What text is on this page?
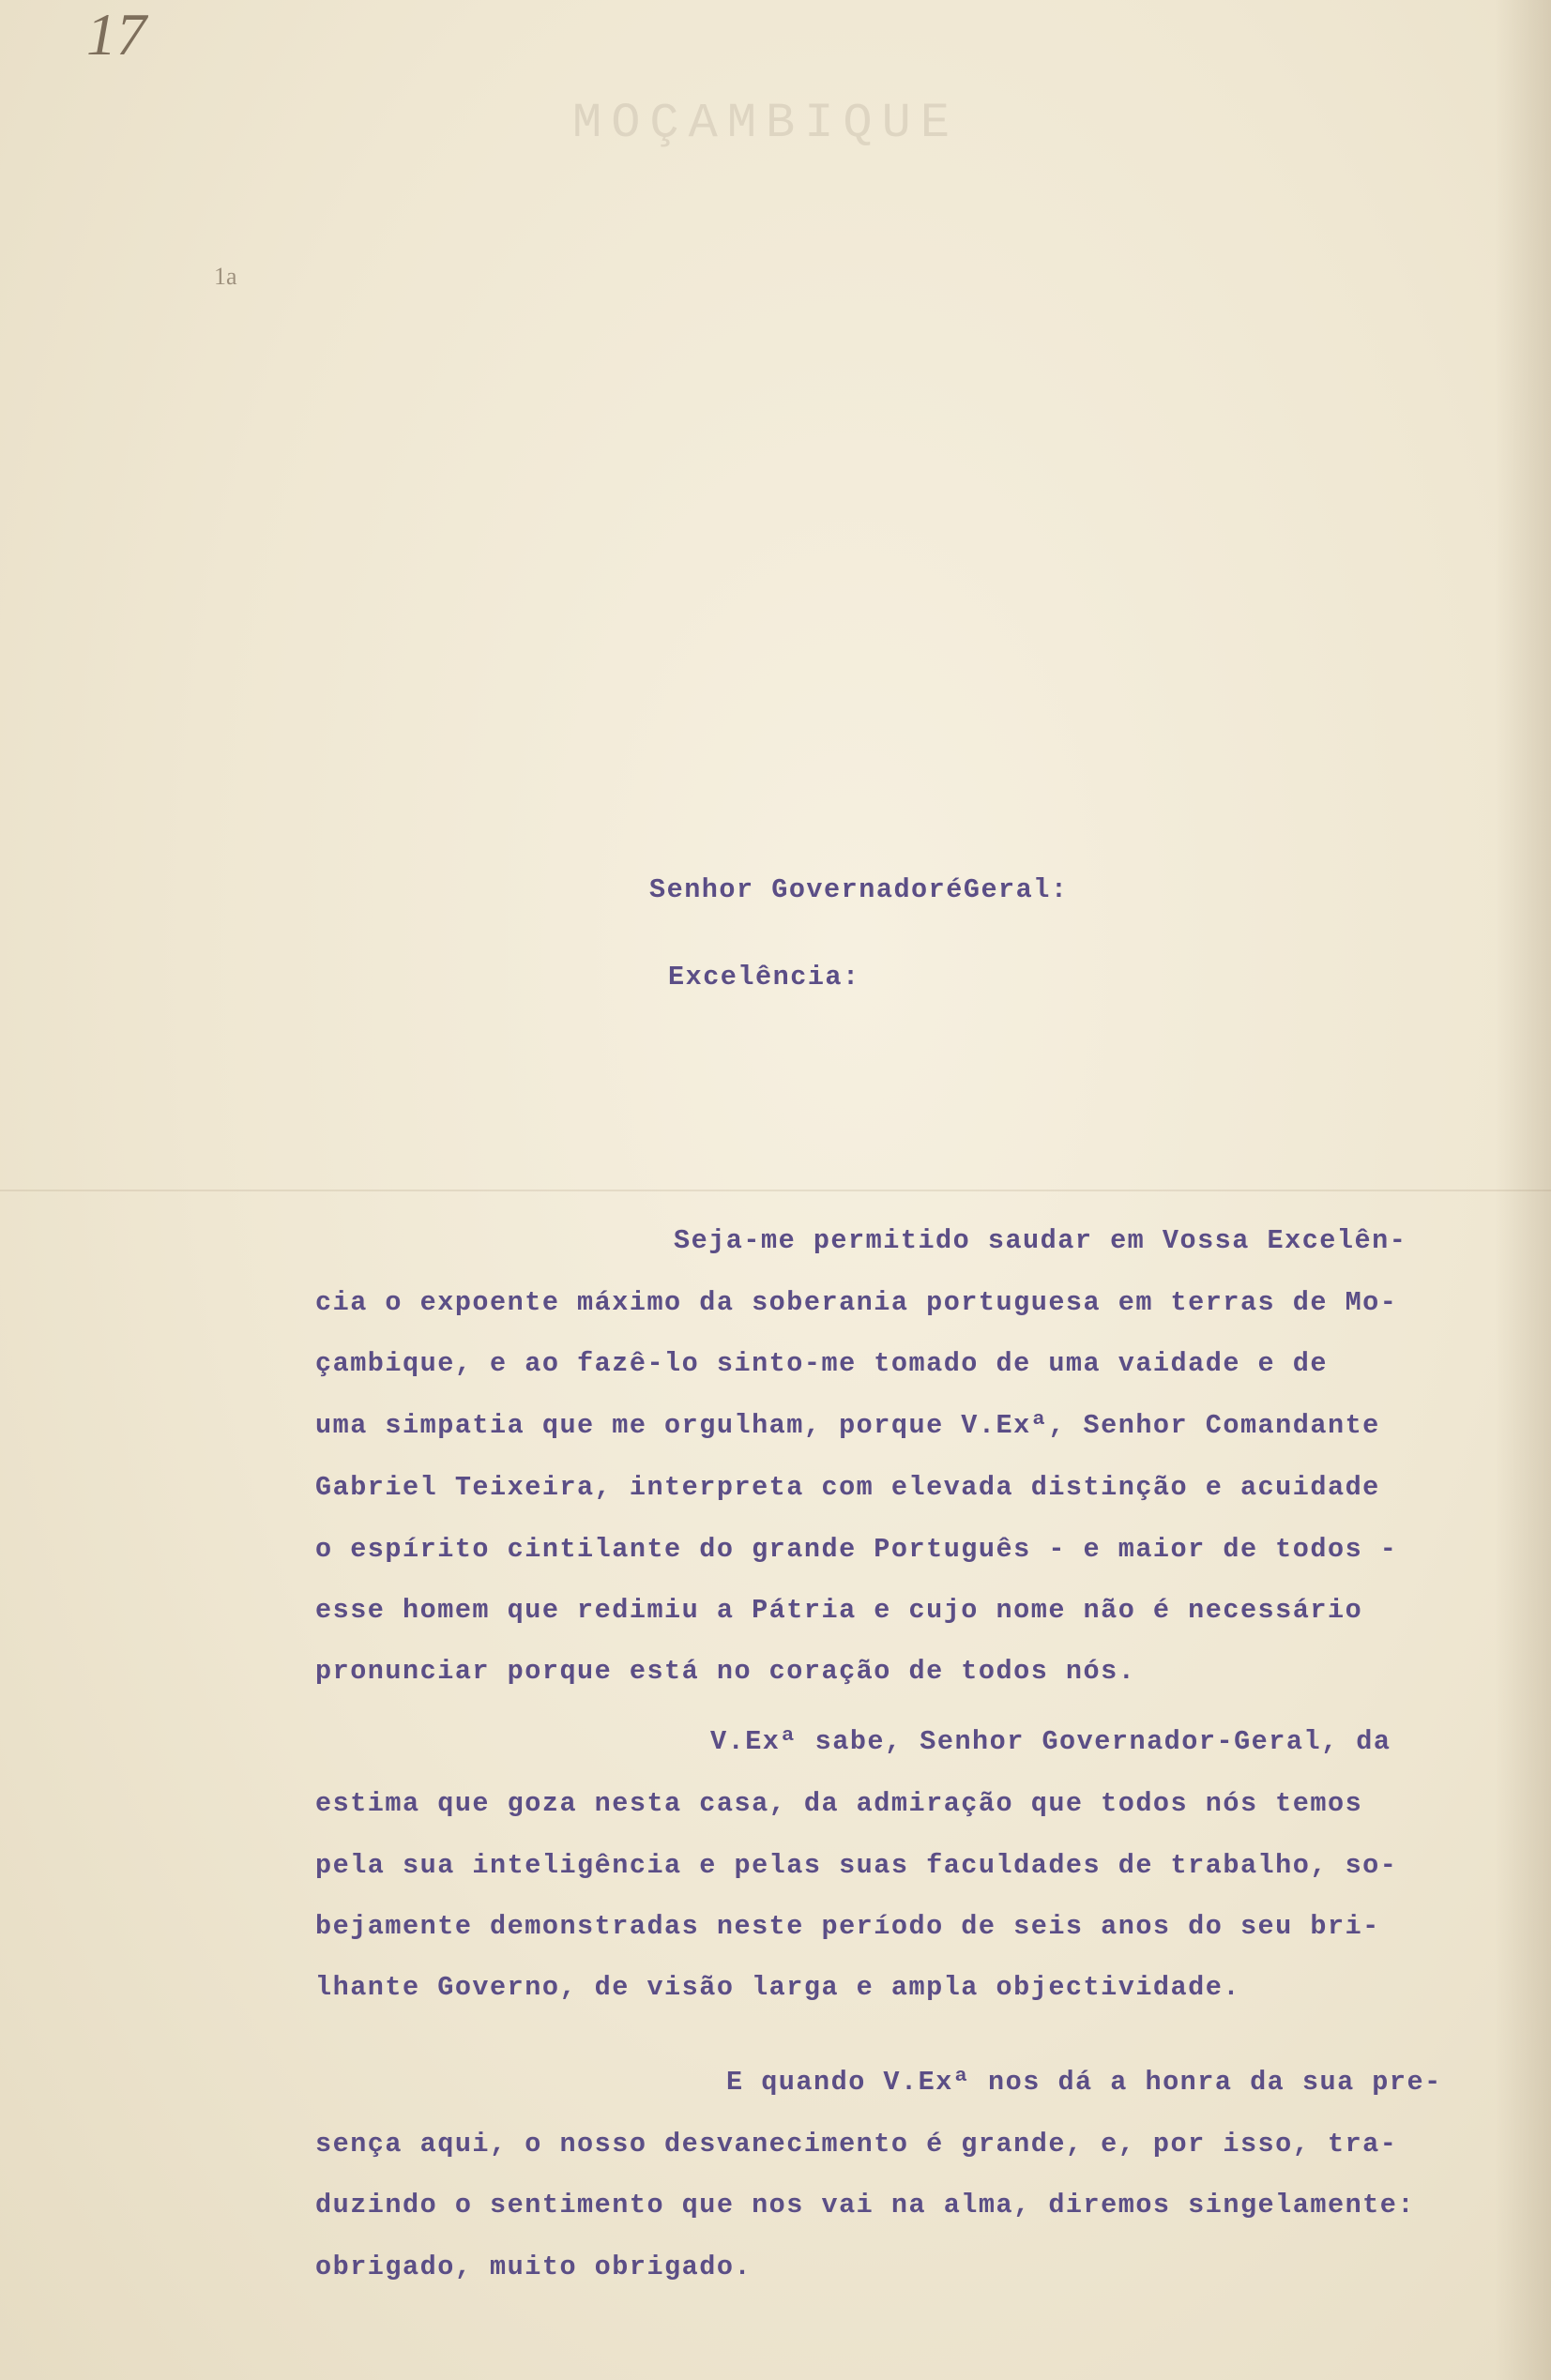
17
1a
MOÇAMBIQUE
Senhor GovernadoréGeral:
Excelência:
Seja-me permitido saudar em Vossa Excelên-
cia o expoente máximo da soberania portuguesa em terras de Mo-
çambique, e ao fazê-lo sinto-me tomado de uma vaidade e de
uma simpatia que me orgulham, porque V.Exª, Senhor Comandante
Gabriel Teixeira, interpreta com elevada distinção e acuidade
o espírito cintilante do grande Português - e maior de todos -
esse homem que redimiu a Pátria e cujo nome não é necessário
pronunciar porque está no coração de todos nós.
V.Exª sabe, Senhor Governador-Geral, da
estima que goza nesta casa, da admiração que todos nós temos
pela sua inteligência e pelas suas faculdades de trabalho, so-
bejamente demonstradas neste período de seis anos do seu bri-
lhante Governo, de visão larga e ampla objectividade.
E quando V.Exª nos dá a honra da sua pre-
sença aqui, o nosso desvanecimento é grande, e, por isso, tra-
duzindo o sentimento que nos vai na alma, diremos singelamente:
obrigado, muito obrigado.
